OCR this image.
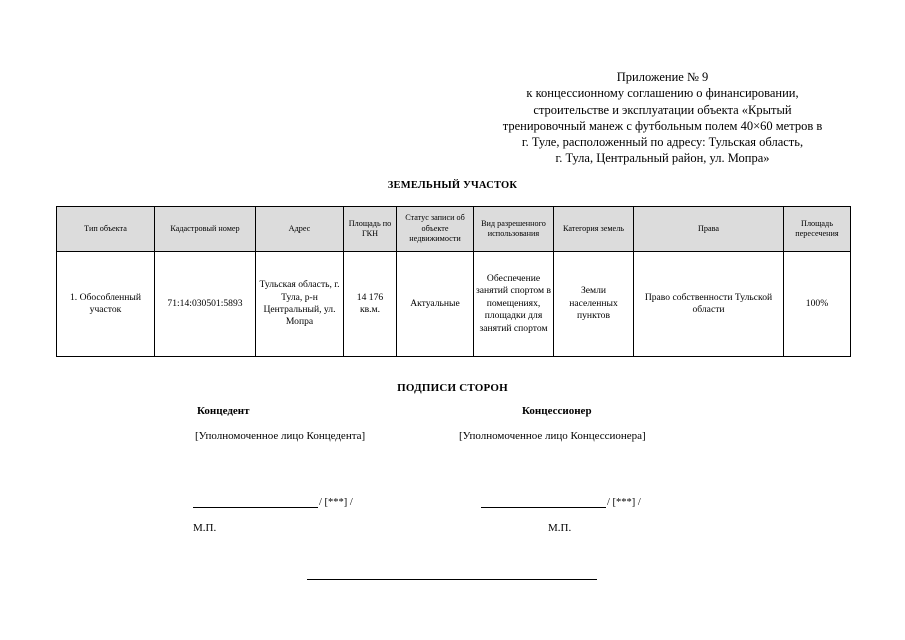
Приложение № 9
к концессионному соглашению о финансировании,
строительстве и эксплуатации объекта «Крытый
тренировочный манеж с футбольным полем 40×60 метров в
г. Туле, расположенный по адресу: Тульская область,
г. Тула, Центральный район, ул. Мопра»
ЗЕМЕЛЬНЫЙ УЧАСТОК
Тип объекта	Кадастровый номер	Адрес	Площадь по ГКН	Статус записи об объекте недвижимости	Вид разрешенного использования	Категория земель	Права	Площадь пересечения
1. Обособленный участок	71:14:030501:5893	Тульская область, г. Тула, р-н Центральный, ул. Мопра	14 176 кв.м.	Актуальные	Обеспечение занятий спортом в помещениях, площадки для занятий спортом	Земли населенных пунктов	Право собственности Тульской области	100%
ПОДПИСИ СТОРОН
Концедент	Концессионер
[Уполномоченное лицо Концедента]	[Уполномоченное лицо Концессионера]
/ [***] /	/ [***] /
М.П.	М.П.
